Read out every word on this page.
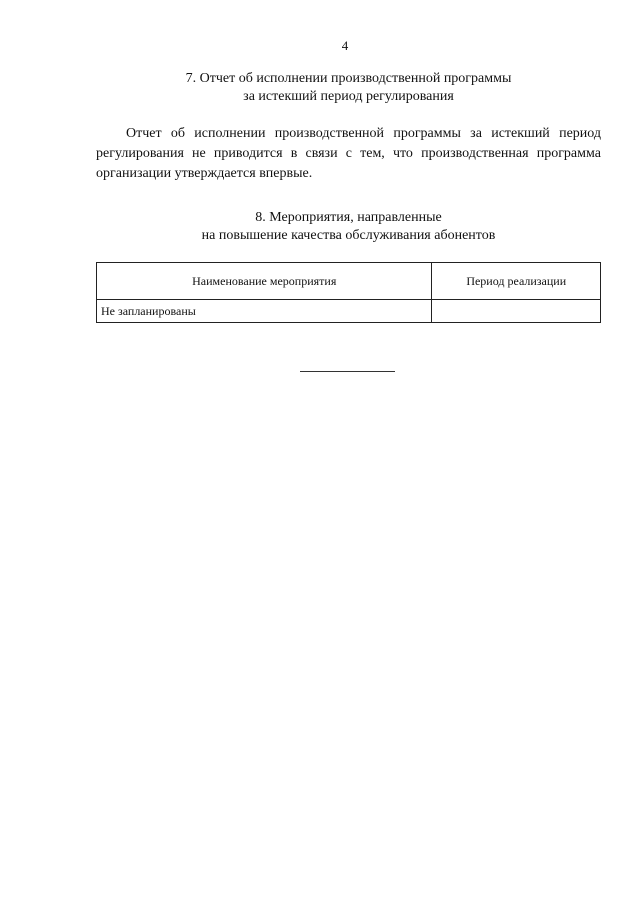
4
7. Отчет об исполнении производственной программы
за истекший период регулирования

Отчет об исполнении производственной программы за истекший период регулирования не приводится в связи с тем, что производственная программа организации утверждается впервые.

8. Мероприятия, направленные
на повышение качества обслуживания абонентов
Наименование мероприятия	Период реализации
Не запланированы	
